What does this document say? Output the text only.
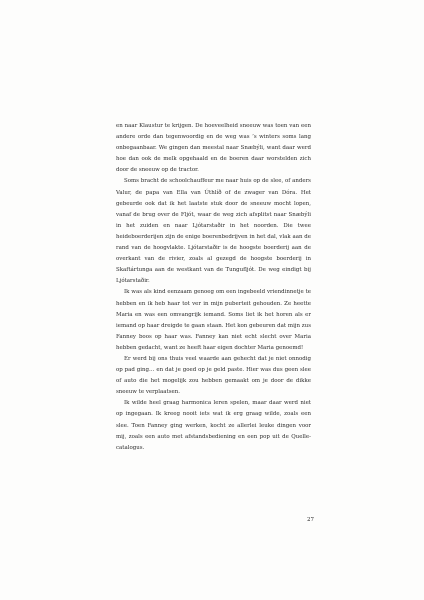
en naar Klaustur te krijgen. De hoeveelheid sneeuw was toen van een andere orde dan tegenwoordig en de weg was ’s winters soms lang onbegaanbaar. We gingen dan meestal naar Snæbýli, want daar werd hoe dan ook de melk opgehaald en de boeren daar worstelden zich door de sneeuw op de tractor.

Soms bracht de schoolchauffeur me naar huis op de slee, of anders Valur, de papa van Ella van Úthlíð of de zwager van Dóra. Het gebeurde ook dat ik het laatste stuk door de sneeuw mocht lopen, vanaf de brug over de Fljót, waar de weg zich afsplitst naar Snæbýli in het zuiden en naar Ljótarstaðir in het noorden. Die twee heideboerderijen zijn de enige boerenbedrijven in het dal, vlak aan de rand van de hoogvlakte. Ljótarstaðir is de hoogste boerderij aan de overkant van de rivier, zoals al gezegd de hoogste boerderij in Skaftártunga aan de westkant van de Tungufljót. De weg eindigt bij Ljótarstaðir.

Ik was als kind eenzaam genoeg om een ingebeeld vriendinnetje te hebben en ik heb haar tot ver in mijn puberteit gehouden. Ze heette Maria en was een omvangrijk iemand. Soms liet ik het horen als er iemand op haar dreigde te gaan staan. Het kon gebeuren dat mijn zus Fanney boos op haar was. Fanney kan niet echt slecht over Maria hebben gedacht, want ze heeft haar eigen dochter Maria genoemd!

Er werd bij ons thuis veel waarde aan gehecht dat je niet onnodig op pad ging… en dat je goed op je geld paste. Hier was dus geen slee of auto die het mogelijk zou hebben gemaakt om je door de dikke sneeuw te verplaatsen.

Ik wilde heel graag harmonica leren spelen, maar daar werd niet op ingegaan. Ik kreeg nooit iets wat ik erg graag wilde, zoals een slee. Toen Fanney ging werken, kocht ze allerlei leuke dingen voor mij, zoals een auto met afstandsbediening en een pop uit de Quelle-catalogus.

27
